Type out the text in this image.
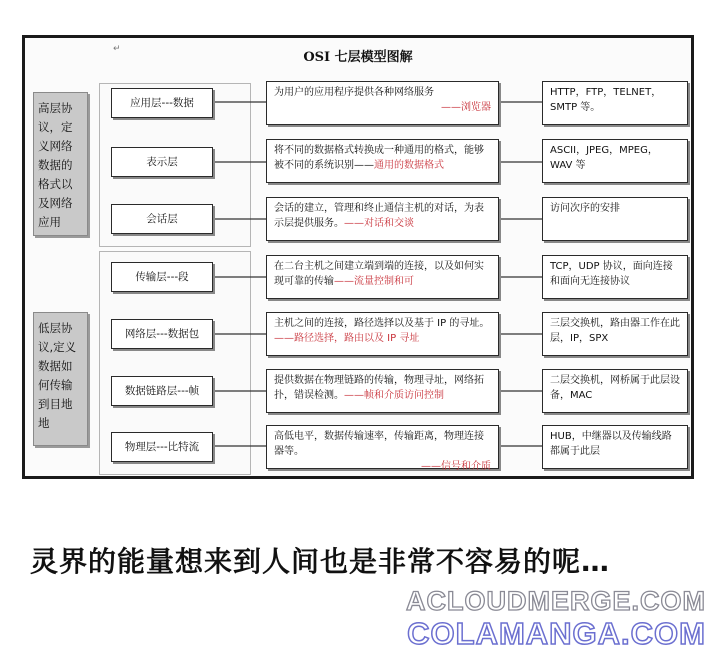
OSI 七层模型图解
↵
高层协议，定义网络数据的格式以及网络应用
低层协议,定义数据如何传输到目地地
应用层---数据
为用户的应用程序提供各种网络服务
——浏览器
HTTP，FTP，TELNET，SMTP 等。
表示层
将不同的数据格式转换成一种通用的格式，能够被不同的系统识别——通用的数据格式
ASCII，JPEG，MPEG，WAV 等
会话层
会话的建立，管理和终止通信主机的对话，为表示层提供服务。——对话和交谈
访问次序的安排
传输层---段
在二台主机之间建立端到端的连接，以及如何实现可靠的传输——流量控制和可
TCP，UDP 协议，面向连接和面向无连接协议
网络层---数据包
主机之间的连接，路径选择以及基于 IP 的寻址。——路径选择，路由以及 IP 寻址
三层交换机，路由器工作在此层，IP，SPX
数据链路层---帧
提供数据在物理链路的传输，物理寻址，网络拓扑，错误检测。——帧和介质访问控制
二层交换机，网桥属于此层设备，MAC
物理层---比特流
高低电平，数据传输速率，传输距离，物理连接器等。
——信号和介质
HUB，中继器以及传输线路都属于此层
灵界的能量想来到人间也是非常不容易的呢…
ACLOUDMERGE.COM
COLAMANGA.COM
